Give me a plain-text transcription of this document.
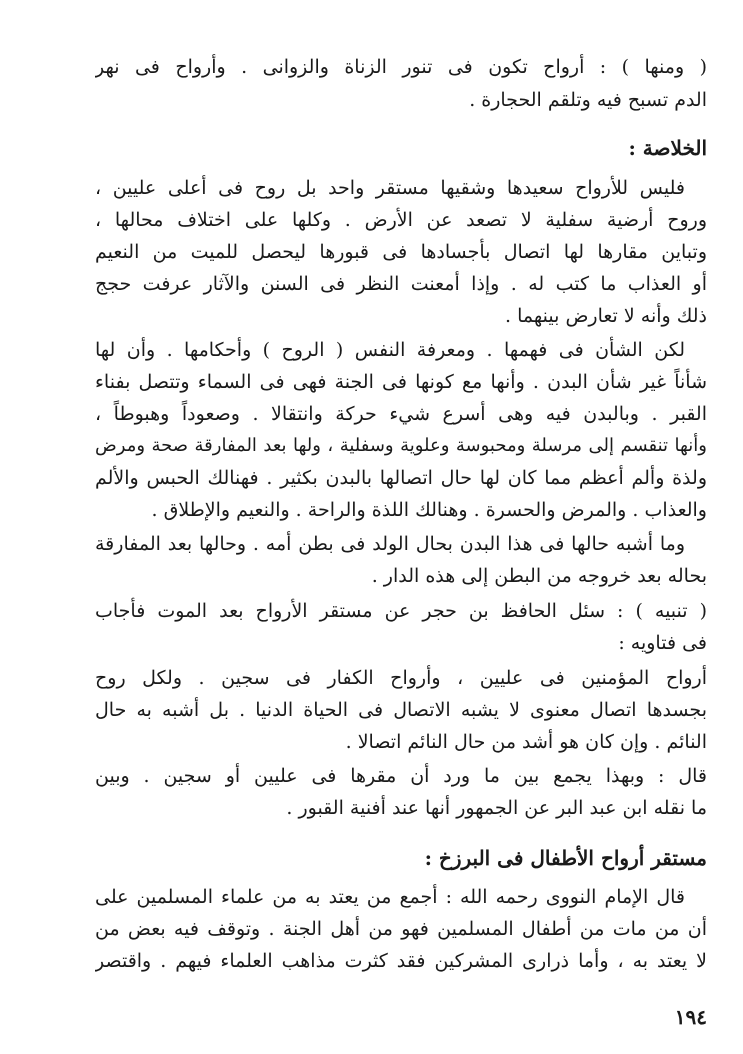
( ومنها ) : أرواح تكون فى تنور الزناة والزوانى . وأرواح فى نهر
الدم تسبح فيه وتلقم الحجارة .
الخلاصة :
فليس للأرواح سعيدها وشقيها مستقر واحد بل روح فى أعلى عليين ،
وروح أرضية سفلية لا تصعد عن الأرض . وكلها على اختلاف محالها ،
وتباين مقارها لها اتصال بأجسادها فى قبورها ليحصل للميت من النعيم
أو العذاب ما كتب له . وإذا أمعنت النظر فى السنن والآثار عرفت حجج
ذلك وأنه لا تعارض بينهما .
لكن الشأن فى فهمها . ومعرفة النفس ( الروح ) وأحكامها . وأن لها
شأناً غير شأن البدن . وأنها مع كونها فى الجنة فهى فى السماء وتتصل بفناء
القبر . وبالبدن فيه وهى أسرع شيء حركة وانتقالا . وصعوداً وهبوطاً ،
وأنها تنقسم إلى مرسلة ومحبوسة وعلوية وسفلية ، ولها بعد المفارقة صحة ومرض
ولذة وألم أعظم مما كان لها حال اتصالها بالبدن بكثير . فهنالك الحبس والألم
والعذاب . والمرض والحسرة . وهنالك اللذة والراحة . والنعيم والإطلاق .
وما أشبه حالها فى هذا البدن بحال الولد فى بطن أمه . وحالها بعد المفارقة
بحاله بعد خروجه من البطن إلى هذه الدار .
( تنبيه ) : سئل الحافظ بن حجر عن مستقر الأرواح بعد الموت فأجاب
فى فتاويه :
أرواح المؤمنين فى عليين ، وأرواح الكفار فى سجين . ولكل روح
بجسدها اتصال معنوى لا يشبه الاتصال فى الحياة الدنيا . بل أشبه به حال
النائم . وإن كان هو أشد من حال النائم اتصالا .
قال : وبهذا يجمع بين ما ورد أن مقرها فى عليين أو سجين . وبين
ما نقله ابن عبد البر عن الجمهور أنها عند أفنية القبور .
مستقر أرواح الأطفال فى البرزخ :
قال الإمام النووى رحمه الله : أجمع من يعتد به من علماء المسلمين على
أن من مات من أطفال المسلمين فهو من أهل الجنة . وتوقف فيه بعض من
لا يعتد به ، وأما ذرارى المشركين فقد كثرت مذاهب العلماء فيهم . واقتصر
١٩٤
